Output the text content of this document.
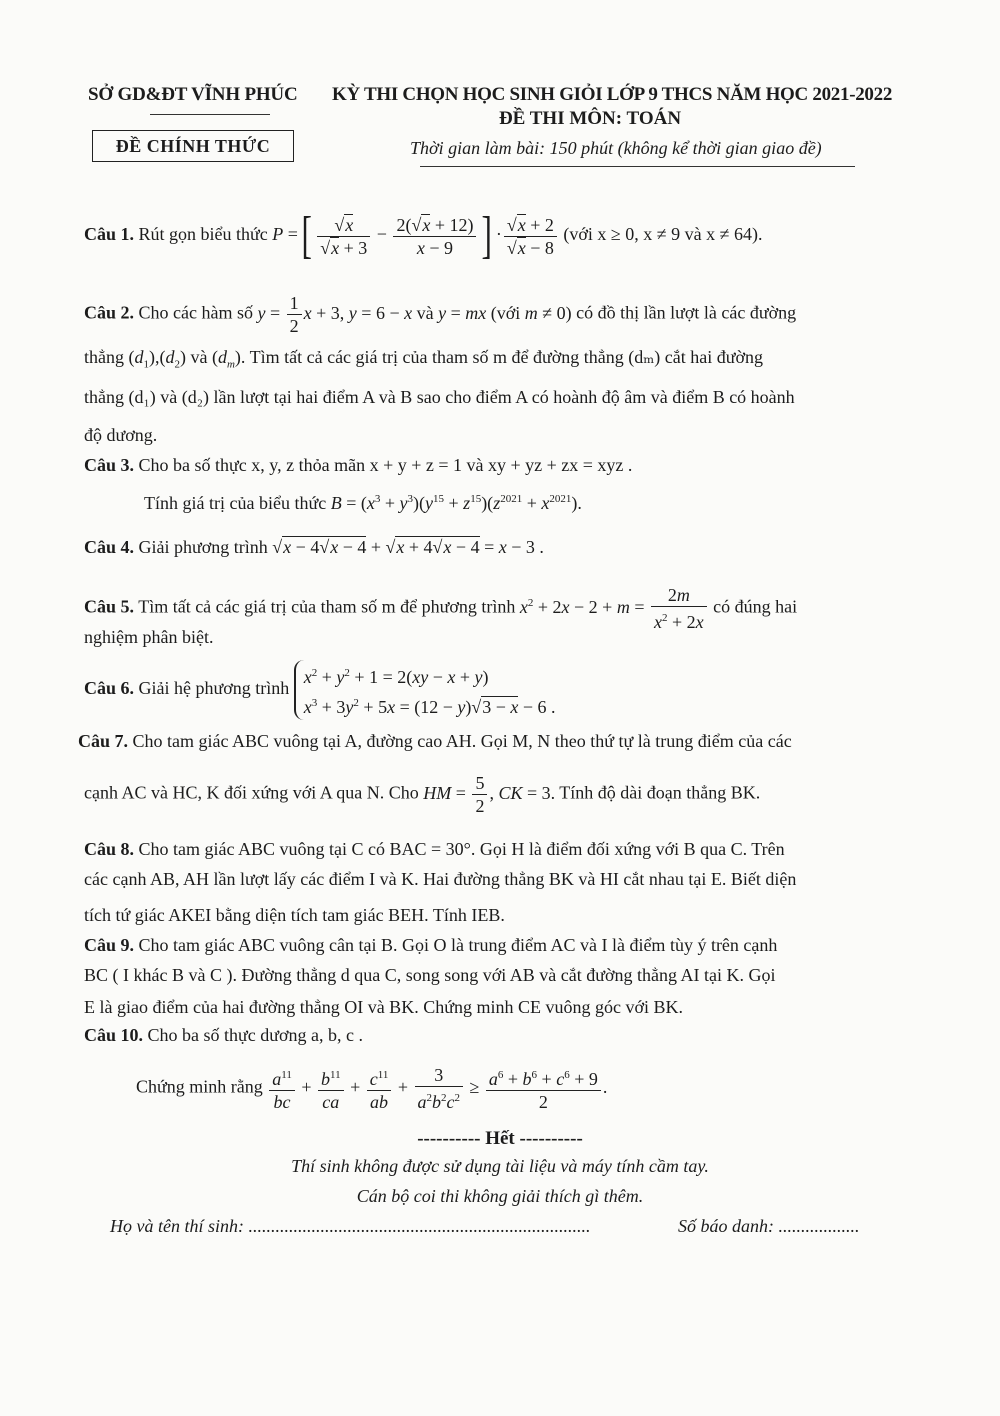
SỞ GD&ĐT VĨNH PHÚC KỲ THI CHỌN HỌC SINH GIỎI LỚP 9 THCS NĂM HỌC 2021-2022
ĐỀ THI MÔN: TOÁN
ĐỀ CHÍNH THỨC	Thời gian làm bài: 150 phút (không kể thời gian giao đề)
Câu 1. Rút gọn biểu thức P =[ $\frac{√x}{√x + 3} - \frac{2(√x + 12)}{x - 9}$ ] · $\frac{√x + 2}{√x - 8}$ (với x ≥ 0, x ≠ 9 và x ≠ 64).
Câu 2. Cho các hàm số $y = \frac{1}{2}$ x + 3, y = 6 − x và y = mx (với m ≠ 0) có đồ thị lần lượt là các đường
thẳng $(d_1),(d_2)$ và $(d_m)$. Tìm tất cả các giá trị của tham số m để đường thẳng (dₘ) cắt hai đường
thẳng (d₁) và (d₂) lần lượt tại hai điểm A và B sao cho điểm A có hoành độ âm và điểm B có hoành
độ dương.
Câu 3. Cho ba số thực x, y, z thỏa mãn x + y + z = 1 và xy + yz + zx = xyz .
Tính giá trị của biểu thức $B = (x^3 + y^3)(y^{15} + z^{15})(z^{2021} + x^{2021})$.
Câu 4. Giải phương trình √x − 4√x − 4 + √x + 4√x − 4 = x − 3 .
Câu 5. Tìm tất cả các giá trị của tham số m để phương trình $x^2 + 2x - 2 + m = \frac{2m}{x^2 + 2x}$ có đúng hai
nghiệm phân biệt.
Câu 6. Giải hệ phương trình $x^2 + y^2 + 1 = 2(xy - x + y)$
$x^3 + 3y^2 + 5x = (12 - y)√3 - x - 6$ .
Câu 7. Cho tam giác ABC vuông tại A, đường cao AH. Gọi M, N theo thứ tự là trung điểm của các
cạnh AC và HC, K đối xứng với A qua N. Cho HM = $\frac{5}{2}$ , CK = 3. Tính độ dài đoạn thẳng BK.
Câu 8. Cho tam giác ABC vuông tại C có BAC = 30°. Gọi H là điểm đối xứng với B qua C. Trên
các cạnh AB, AH lần lượt lấy các điểm I và K. Hai đường thẳng BK và HI cắt nhau tại E. Biết diện
tích tứ giác AKEI bằng diện tích tam giác BEH. Tính IEB.
Câu 9. Cho tam giác ABC vuông cân tại B. Gọi O là trung điểm AC và I là điểm tùy ý trên cạnh
BC ( I khác B và C ). Đường thẳng d qua C, song song với AB và cắt đường thẳng AI tại K. Gọi
E là giao điểm của hai đường thẳng OI và BK. Chứng minh CE vuông góc với BK.
Câu 10. Cho ba số thực dương a, b, c .
Chứng minh rằng $\frac{a^{11}}{bc} + \frac{b^{11}}{ca} + \frac{c^{11}}{ab} + \frac{3}{a^2b^2c^2} \ge \frac{a^6 + b^6 + c^6 + 9}{2}$ .
---------- Hết ----------
Thí sinh không được sử dụng tài liệu và máy tính cầm tay.
Cán bộ coi thi không giải thích gì thêm.
Họ và tên thí sinh: ............................................................................	Số báo danh: ..................
